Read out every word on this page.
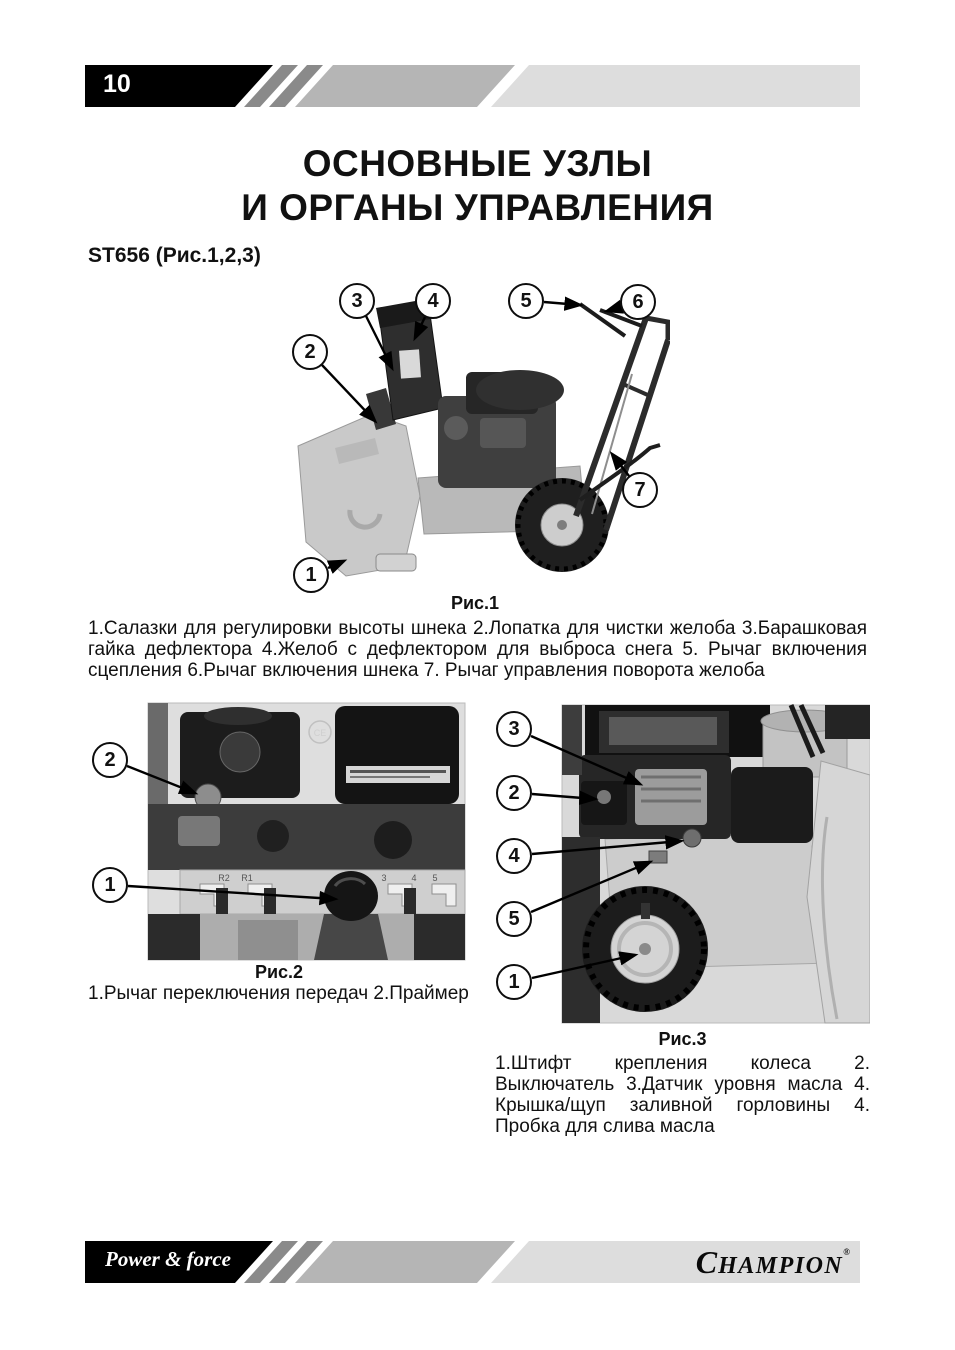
10
ОСНОВНЫЕ УЗЛЫ
И ОРГАНЫ УПРАВЛЕНИЯ
ST656 (Рис.1,2,3)
1
2
3	4	5	6
7
Рис.1
1.Салазки для регулировки высоты шнека 2.Лопатка для чистки желоба 3.Барашковая гайка дефлектора 4.Желоб с дефлектором для выброса снега 5. Рычаг включения сцепления 6.Рычаг включения шнека 7. Рычаг управления поворота желоба
CE
R2 R1	3	4 5
2
1
Рис.2
1.Рычаг переключения передач 2.Праймер
3
2
4
5
1
Рис.3
1.Штифт крепления колеса 2. Выключатель 3.Датчик уровня масла 4. Крышка/щуп заливной горловины 4. Пробка для слива масла
Power & force	CHAMPION®
